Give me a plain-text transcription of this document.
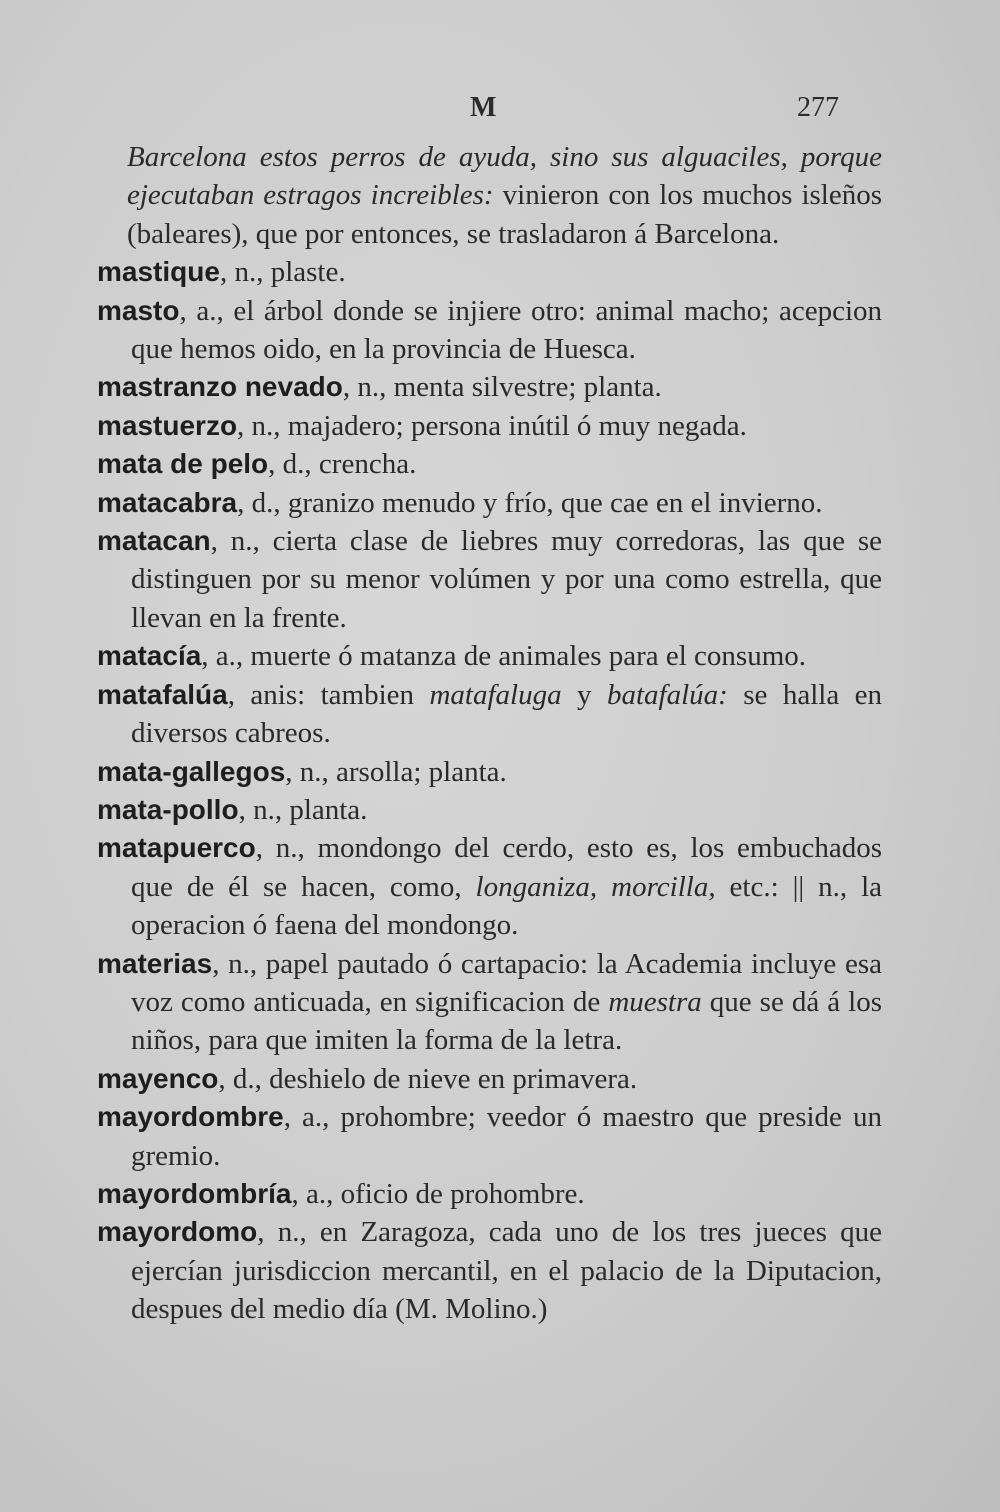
M	277

Barcelona estos perros de ayuda, sino sus alguaciles, porque ejecutaban estragos increibles: vinieron con los muchos isleños (baleares), que por entonces, se trasladaron á Barcelona.

mastique, n., plaste.

masto, a., el árbol donde se injiere otro: animal macho; acepcion que hemos oido, en la provincia de Huesca.

mastranzo nevado, n., menta silvestre; planta.

mastuerzo, n., majadero; persona inútil ó muy negada.

mata de pelo, d., crencha.

matacabra, d., granizo menudo y frío, que cae en el invierno.

matacan, n., cierta clase de liebres muy corredoras, las que se distinguen por su menor volúmen y por una como estrella, que llevan en la frente.

matacía, a., muerte ó matanza de animales para el consumo.

matafalúa, anis: tambien matafaluga y batafalúa: se halla en diversos cabreos.

mata-gallegos, n., arsolla; planta.

mata-pollo, n., planta.

matapuerco, n., mondongo del cerdo, esto es, los embuchados que de él se hacen, como, longaniza, morcilla, etc.: || n., la operacion ó faena del mondongo.

materias, n., papel pautado ó cartapacio: la Academia incluye esa voz como anticuada, en significacion de muestra que se dá á los niños, para que imiten la forma de la letra.

mayenco, d., deshielo de nieve en primavera.

mayordombre, a., prohombre; veedor ó maestro que preside un gremio.

mayordombría, a., oficio de prohombre.

mayordomo, n., en Zaragoza, cada uno de los tres jueces que ejercían jurisdiccion mercantil, en el palacio de la Diputacion, despues del medio día (M. Molino.)
